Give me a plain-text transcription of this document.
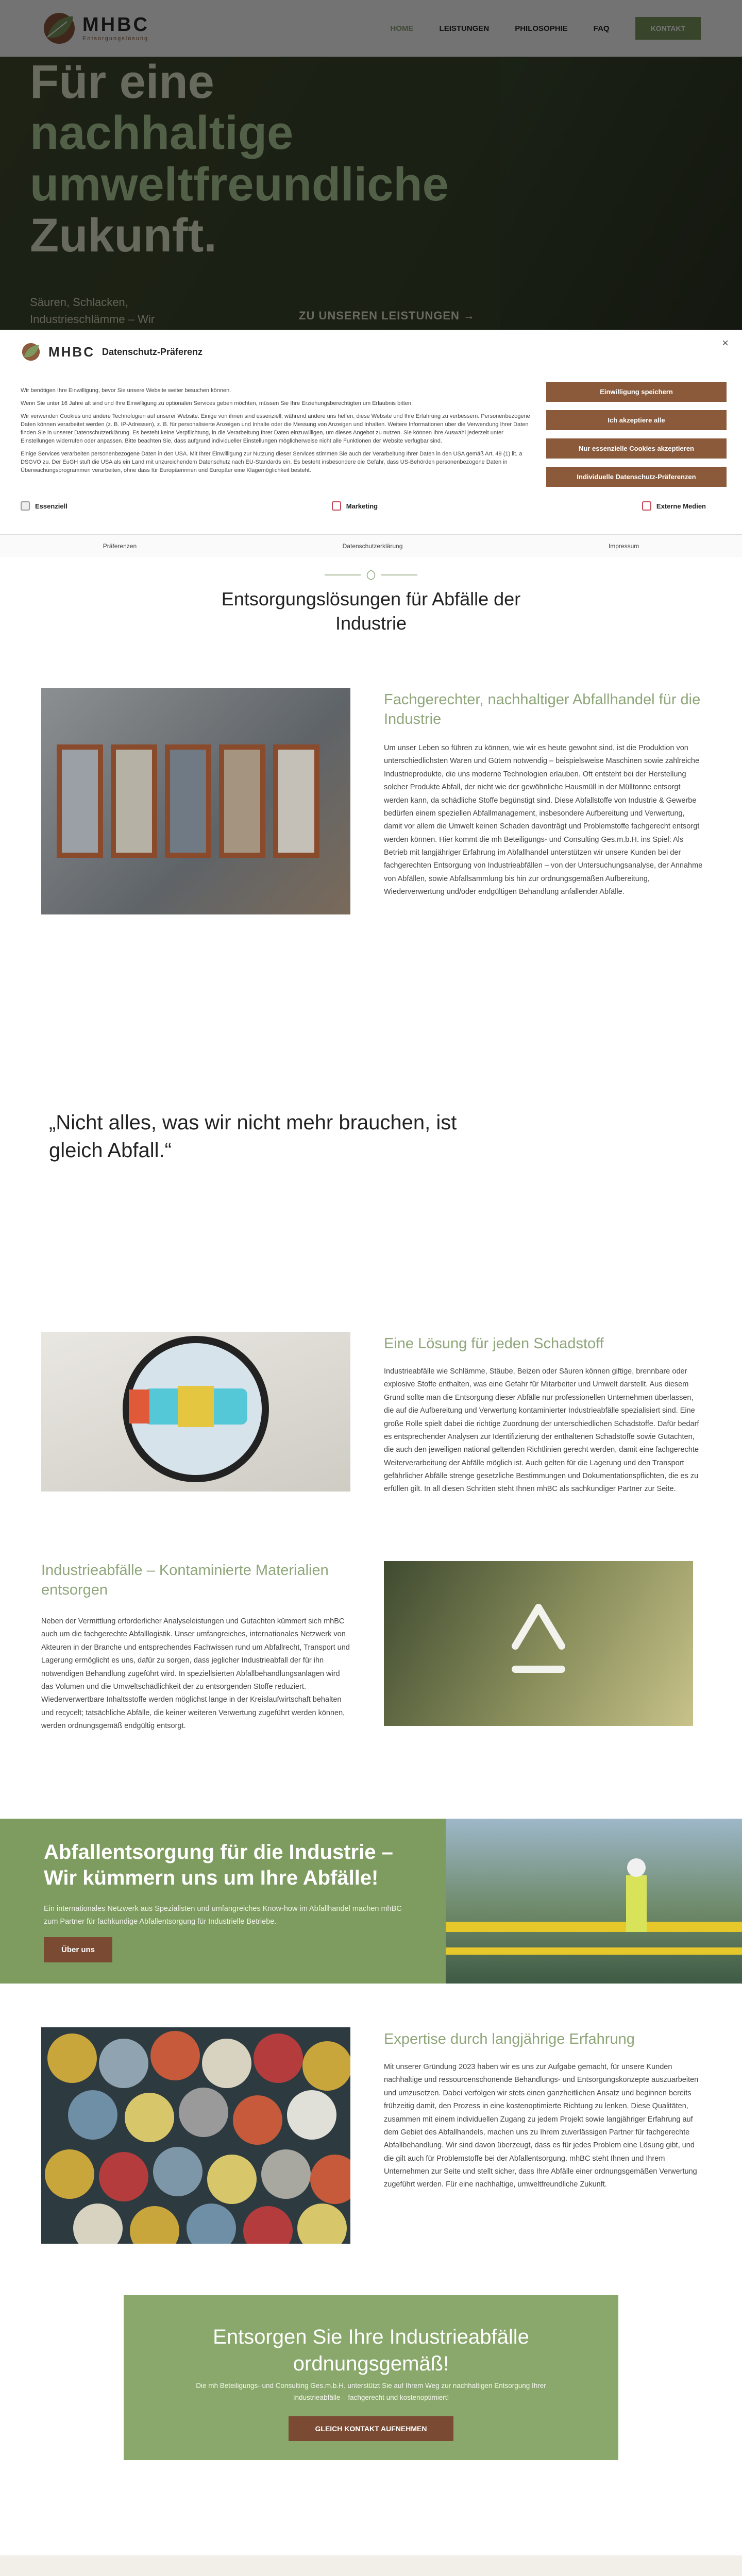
MHBC Datenschutz-Präferenz
×

Wir benötigen Ihre Einwilligung, bevor Sie unsere Website weiter besuchen können.

Wenn Sie unter 16 Jahre alt sind und Ihre Einwilligung zu optionalen Services geben möchten, müssen Sie Ihre Erziehungsberechtigten um Erlaubnis bitten.

Wir verwenden Cookies und andere Technologien auf unserer Website. Einige von ihnen sind essenziell, während andere uns helfen, diese Website und Ihre Erfahrung zu verbessern. Personenbezogene Daten können verarbeitet werden (z. B. IP-Adressen), z. B. für personalisierte Anzeigen und Inhalte oder die Messung von Anzeigen und Inhalten. Weitere Informationen über die Verwendung Ihrer Daten finden Sie in unserer Datenschutzerklärung. Es besteht keine Verpflichtung, in die Verarbeitung Ihrer Daten einzuwilligen, um dieses Angebot zu nutzen. Sie können Ihre Auswahl jederzeit unter Einstellungen widerrufen oder anpassen. Bitte beachten Sie, dass aufgrund individueller Einstellungen möglicherweise nicht alle Funktionen der Website verfügbar sind.

Einige Services verarbeiten personenbezogene Daten in den USA. Mit Ihrer Einwilligung zur Nutzung dieser Services stimmen Sie auch der Verarbeitung Ihrer Daten in den USA gemäß Art. 49 (1) lit. a DSGVO zu. Der EuGH stuft die USA als ein Land mit unzureichendem Datenschutz nach EU-Standards ein. Es besteht insbesondere die Gefahr, dass US-Behörden personenbezogene Daten in Überwachungsprogrammen verarbeiten, ohne dass für Europäerinnen und Europäer eine Klagemöglichkeit besteht.

Einwilligung speichern
Ich akzeptiere alle
Nur essenzielle Cookies akzeptieren
Individuelle Datenschutz-Präferenzen
Essenziell	Marketing	Externe Medien
Präferenzen	Datenschutzerklärung	Impressum
Entsorgungslösungen für Abfälle der
Industrie
Fachgerechter, nachhaltiger Abfallhandel für die Industrie
Um unser Leben so führen zu können, wie wir es heute gewohnt sind, ist die Produktion von unterschiedlichsten Waren und Gütern notwendig – beispielsweise Maschinen sowie zahlreiche Industrieprodukte, die uns moderne Technologien erlauben. Oft entsteht bei der Herstellung solcher Produkte Abfall, der nicht wie der gewöhnliche Hausmüll in der Mülltonne entsorgt werden kann, da schädliche Stoffe begünstigt sind. Diese Abfallstoffe von Industrie & Gewerbe bedürfen einem speziellen Abfallmanagement, insbesondere Aufbereitung und Verwertung, damit vor allem die Umwelt keinen Schaden davonträgt und Problemstoffe fachgerecht entsorgt werden können. Hier kommt die mh Beteiligungs- und Consulting Ges.m.b.H. ins Spiel: Als Betrieb mit langjähriger Erfahrung im Abfallhandel unterstützen wir unsere Kunden bei der fachgerechten Entsorgung von Industrieabfällen – von der Untersuchungsanalyse, der Annahme von Abfällen, sowie Abfallsammlung bis hin zur ordnungsgemäßen Aufbereitung, Wiederverwertung und/oder endgültigen Behandlung anfallender Abfälle.
„Nicht alles, was wir nicht mehr brauchen, ist gleich Abfall.“
Eine Lösung für jeden Schadstoff
Industrieabfälle wie Schlämme, Stäube, Beizen oder Säuren können giftige, brennbare oder explosive Stoffe enthalten, was eine Gefahr für Mitarbeiter und Umwelt darstellt. Aus diesem Grund sollte man die Entsorgung dieser Abfälle nur professionellen Unternehmen überlassen, die auf die Aufbereitung und Verwertung kontaminierter Industrieabfälle spezialisiert sind. Eine große Rolle spielt dabei die richtige Zuordnung der unterschiedlichen Schadstoffe. Dafür bedarf es entsprechender Analysen zur Identifizierung der enthaltenen Schadstoffe sowie Gutachten, die auch den jeweiligen national geltenden Richtlinien gerecht werden, damit eine fachgerechte Weiterverarbeitung der Abfälle möglich ist. Auch gelten für die Lagerung und den Transport gefährlicher Abfälle strenge gesetzliche Bestimmungen und Dokumentationspflichten, die es zu erfüllen gilt. In all diesen Schritten steht Ihnen mhBC als sachkundiger Partner zur Seite.
Industrieabfälle – Kontaminierte Materialien entsorgen
Neben der Vermittlung erforderlicher Analyseleistungen und Gutachten kümmert sich mhBC auch um die fachgerechte Abfalllogistik. Unser umfangreiches, internationales Netzwerk von Akteuren in der Branche und entsprechendes Fachwissen rund um Abfallrecht, Transport und Lagerung ermöglicht es uns, dafür zu sorgen, dass jeglicher Industrieabfall der für ihn notwendigen Behandlung zugeführt wird. In speziellsierten Abfallbehandlungsanlagen wird das Volumen und die Umweltschädlichkeit der zu entsorgenden Stoffe reduziert. Wiederverwertbare Inhaltsstoffe werden möglichst lange in der Kreislaufwirtschaft behalten und recycelt; tatsächliche Abfälle, die keiner weiteren Verwertung zugeführt werden können, werden ordnungsgemäß endgültig entsorgt.
Abfallentsorgung für die Industrie – Wir kümmern uns um Ihre Abfälle!
Ein internationales Netzwerk aus Spezialisten und umfangreiches Know-how im Abfallhandel machen mhBC zum Partner für fachkundige Abfallentsorgung für Industrielle Betriebe.
Über uns
Expertise durch langjährige Erfahrung
Mit unserer Gründung 2023 haben wir es uns zur Aufgabe gemacht, für unsere Kunden nachhaltige und ressourcenschonende Behandlungs- und Entsorgungskonzepte auszuarbeiten und umzusetzen. Dabei verfolgen wir stets einen ganzheitlichen Ansatz und beginnen bereits frühzeitig damit, den Prozess in eine kostenoptimierte Richtung zu lenken. Diese Qualitäten, zusammen mit einem individuellen Zugang zu jedem Projekt sowie langjähriger Erfahrung auf dem Gebiet des Abfallhandels, machen uns zu Ihrem zuverlässigen Partner für fachgerechte Abfallbehandlung. Wir sind davon überzeugt, dass es für jedes Problem eine Lösung gibt, und die gilt auch für Problemstoffe bei der Abfallentsorgung. mhBC steht Ihnen und Ihrem Unternehmen zur Seite und stellt sicher, dass Ihre Abfälle einer ordnungsgemäßen Verwertung zugeführt werden. Für eine nachhaltige, umweltfreundliche Zukunft.
Entsorgen Sie Ihre Industrieabfälle
ordnungsgemäß!
Die mh Beteiligungs- und Consulting Ges.m.b.H. unterstützt Sie auf Ihrem Weg zur nachhaltigen Entsorgung Ihrer Industrieabfälle – fachgerecht und kostenoptimiert!
GLEICH KONTAKT AUFNEHMEN
